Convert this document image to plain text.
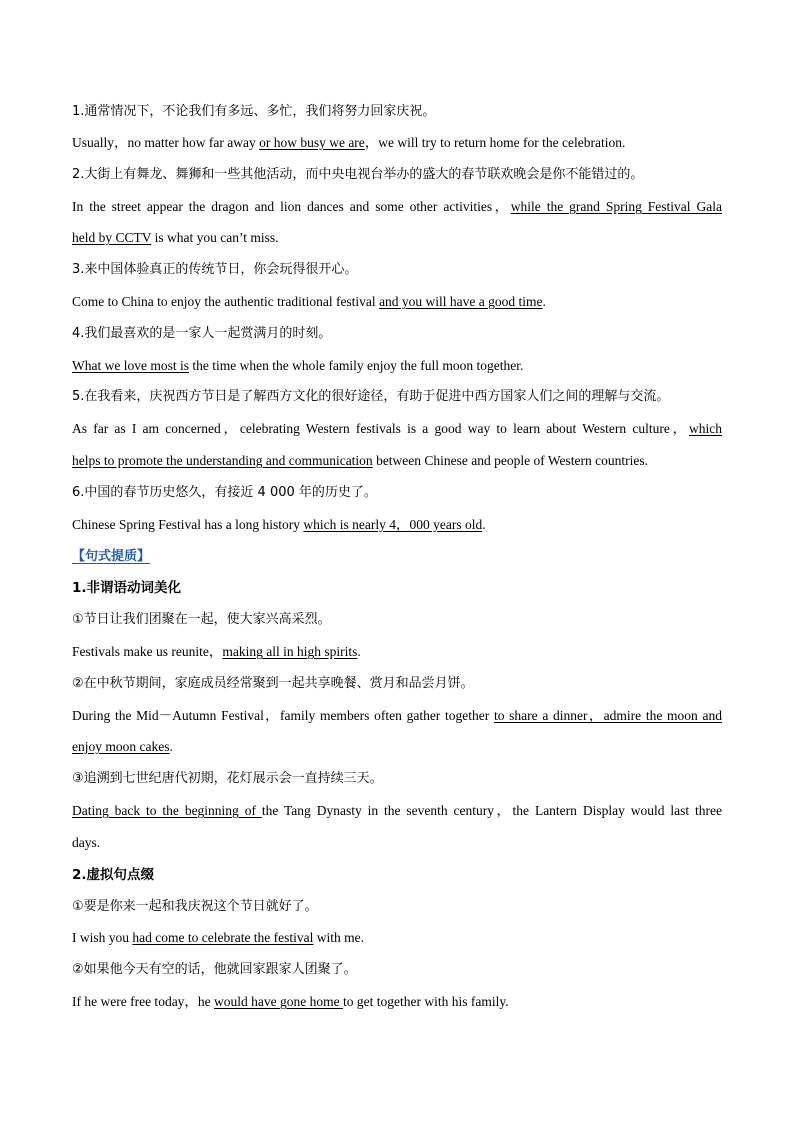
1.通常情况下，不论我们有多远、多忙，我们将努力回家庆祝。
Usually，no matter how far away or how busy we are，we will try to return home for the celebration.
2.大街上有舞龙、舞狮和一些其他活动，而中央电视台举办的盛大的春节联欢晚会是你不能错过的。
In the street appear the dragon and lion dances and some other activities，while the grand Spring Festival Gala
held by CCTV is what you can’t miss.
3.来中国体验真正的传统节日，你会玩得很开心。
Come to China to enjoy the authentic traditional festival and you will have a good time.
4.我们最喜欢的是一家人一起赏满月的时刻。
What we love most is the time when the whole family enjoy the full moon together.
5.在我看来，庆祝西方节日是了解西方文化的很好途径，有助于促进中西方国家人们之间的理解与交流。
As far as I am concerned，celebrating Western festivals is a good way to learn about Western culture，which
helps to promote the understanding and communication between Chinese and people of Western countries.
6.中国的春节历史悠久，有接近 4 000 年的历史了。
Chinese Spring Festival has a long history which is nearly 4，000 years old.
【句式提质】
1.非谓语动词美化
①节日让我们团聚在一起，使大家兴高采烈。
Festivals make us reunite，making all in high spirits.
②在中秋节期间，家庭成员经常聚到一起共享晚餐、赏月和品尝月饼。
During the Mid－Autumn Festival，family members often gather together to share a dinner，admire the moon and
enjoy moon cakes.
③追溯到七世纪唐代初期，花灯展示会一直持续三天。
Dating back to the beginning of the Tang Dynasty in the seventh century，the Lantern Display would last three
days.
2.虚拟句点缀
①要是你来一起和我庆祝这个节日就好了。
I wish you had come to celebrate the festival with me.
②如果他今天有空的话，他就回家跟家人团聚了。
If he were free today，he would have gone home to get together with his family.
